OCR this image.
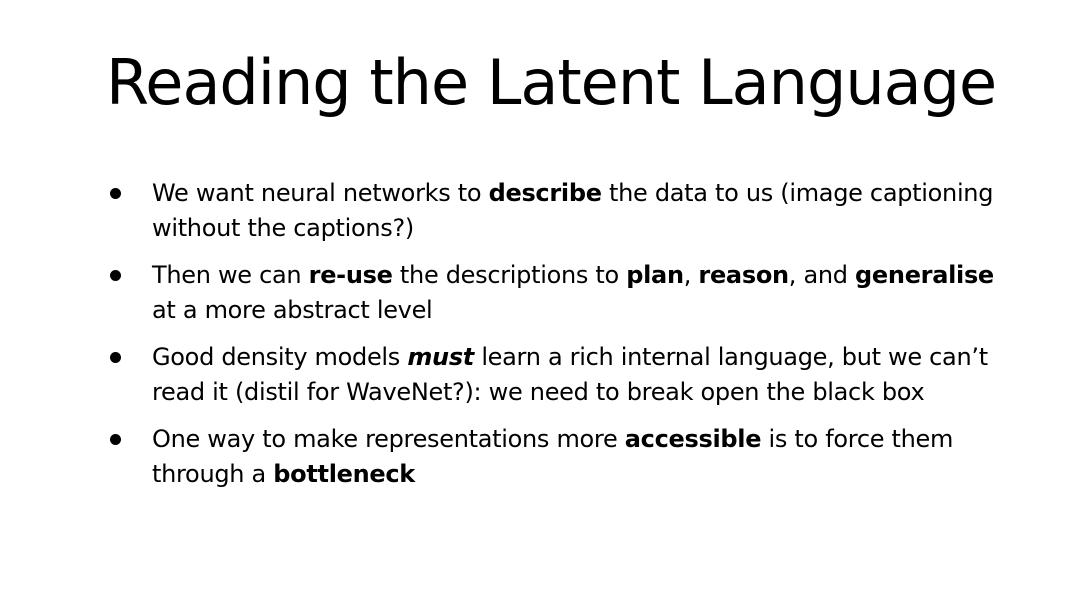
Reading the Latent Language
We want neural networks to describe the data to us (image captioning without the captions?)
Then we can re-use the descriptions to plan, reason, and generalise at a more abstract level
Good density models must learn a rich internal language, but we can’t read it (distil for WaveNet?): we need to break open the black box
One way to make representations more accessible is to force them through a bottleneck
